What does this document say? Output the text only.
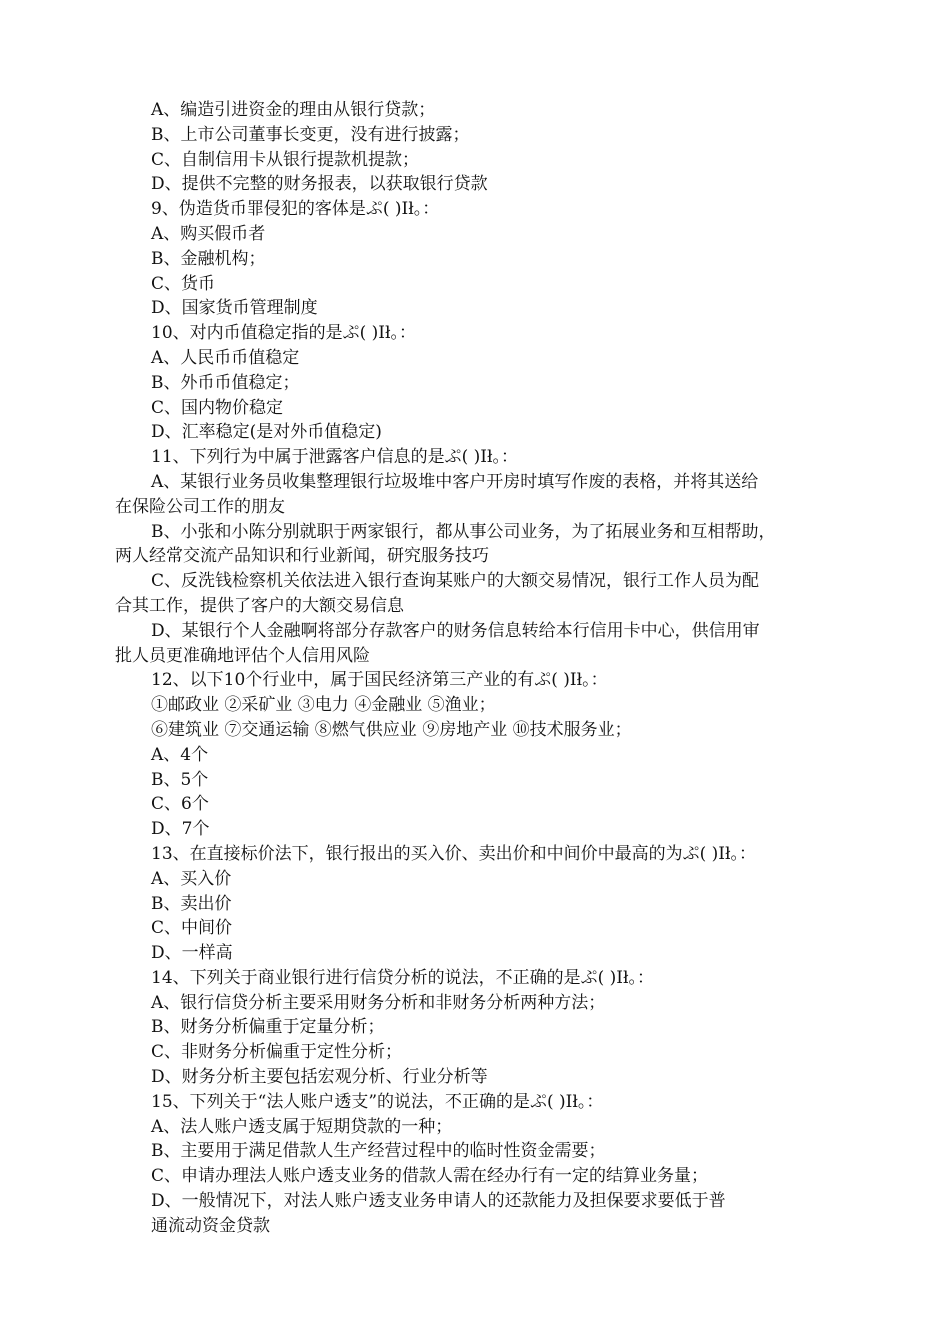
A、编造引进资金的理由从银行贷款；
B、上市公司董事长变更，没有进行披露；
C、自制信用卡从银行提款机提款；
D、提供不完整的财务报表，以获取银行贷款
9、伪造货币罪侵犯的客体是ぷ( )Ił。：
A、购买假币者
B、金融机构；
C、货币
D、国家货币管理制度
10、对内币值稳定指的是ぷ( )Ił。：
A、人民币币值稳定
B、外币币值稳定；
C、国内物价稳定
D、汇率稳定(是对外币值稳定)
11、下列行为中属于泄露客户信息的是ぷ( )Ił。：
A、某银行业务员收集整理银行垃圾堆中客户开房时填写作废的表格，并将其送给
在保险公司工作的朋友
B、小张和小陈分别就职于两家银行，都从事公司业务，为了拓展业务和互相帮助，
两人经常交流产品知识和行业新闻，研究服务技巧
C、反洗钱检察机关依法进入银行查询某账户的大额交易情况，银行工作人员为配
合其工作，提供了客户的大额交易信息
D、某银行个人金融啊将部分存款客户的财务信息转给本行信用卡中心，供信用审
批人员更准确地评估个人信用风险
12、以下10个行业中，属于国民经济第三产业的有ぷ( )Ił。：
①邮政业 ②采矿业 ③电力 ④金融业 ⑤渔业；
⑥建筑业 ⑦交通运输 ⑧燃气供应业 ⑨房地产业 ⑩技术服务业；
A、4个
B、5个
C、6个
D、7个
13、在直接标价法下，银行报出的买入价、卖出价和中间价中最高的为ぷ( )Ił。：
A、买入价
B、卖出价
C、中间价
D、一样高
14、下列关于商业银行进行信贷分析的说法，不正确的是ぷ( )Ił。：
A、银行信贷分析主要采用财务分析和非财务分析两种方法；
B、财务分析偏重于定量分析；
C、非财务分析偏重于定性分析；
D、财务分析主要包括宏观分析、行业分析等
15、下列关于“法人账户透支”的说法，不正确的是ぷ( )Ił。：
A、法人账户透支属于短期贷款的一种；
B、主要用于满足借款人生产经营过程中的临时性资金需要；
C、申请办理法人账户透支业务的借款人需在经办行有一定的结算业务量；
D、一般情况下，对法人账户透支业务申请人的还款能力及担保要求要低于普
通流动资金贷款
